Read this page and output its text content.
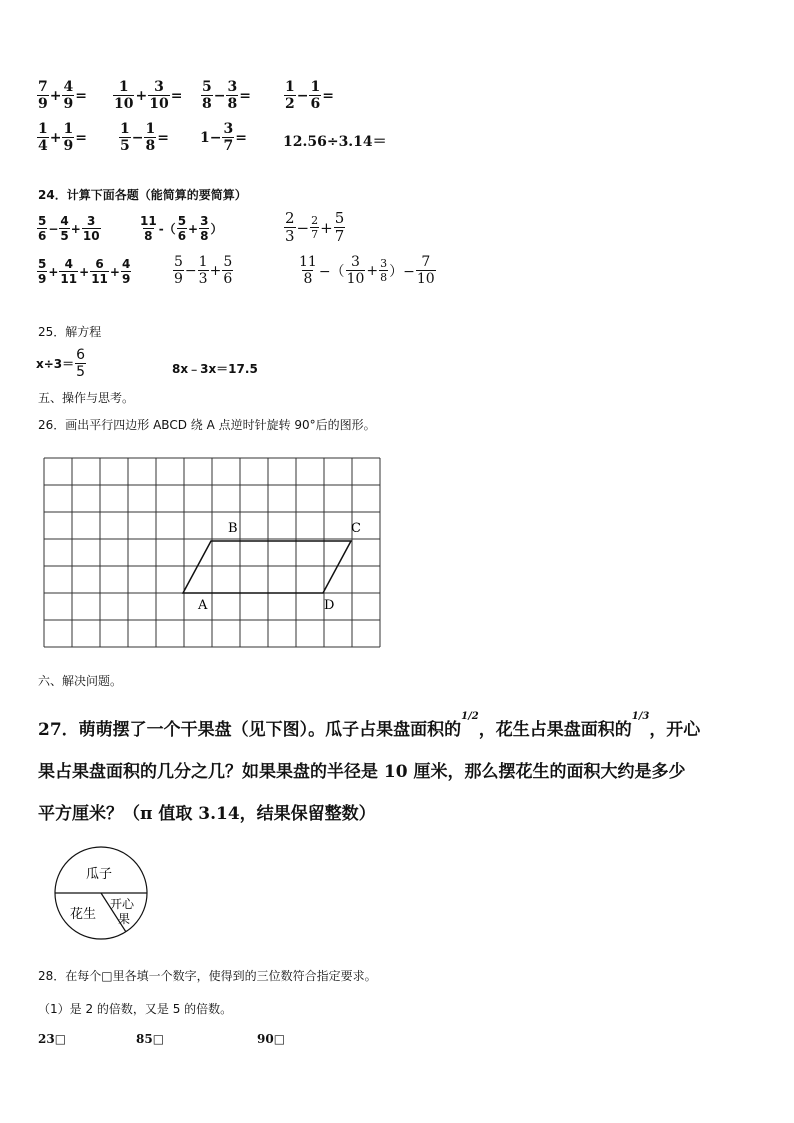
$\frac{7}{9} + \frac{4}{9} = \frac{1}{10} + \frac{3}{10} = \frac{5}{8} - \frac{3}{8} = \frac{1}{2} - \frac{1}{6}$ =
$\frac{1}{4} + \frac{1}{9} = \frac{1}{5} - \frac{1}{8} = 1- \frac{3}{7}$ =	12.56÷3.14＝
24．计算下面各题（能简算的要简算）
$\frac{5}{6} - \frac{4}{5} + \frac{3}{10}$	$\frac{11}{8}$ -（ $\frac{5}{6} + \frac{3}{8}$ ）	$\frac{2}{3} - \frac{2}{7} + \frac{5}{7}$
$\frac{5}{9} + \frac{4}{11} + \frac{6}{11} + \frac{4}{9}$	$\frac{5}{9} - \frac{1}{3} + \frac{5}{6}$	$\frac{11}{8}$ −（ $\frac{3}{10} + \frac{3}{8}$ ）− $\frac{7}{10}$
25．解方程
$x\div 3= \frac{6}{5}$	8x﹣3x＝17.5
五、操作与思考。
26．画出平行四边形 ABCD 绕 A 点逆时针旋转 90°后的图形。
B	C
A	D
六、解决问题。
27．萌萌摆了一个干果盘（见下图）。瓜子占果盘面积的$^{1/2}$，花生占果盘面积的$^{1/3}$，开心
果占果盘面积的几分之几？如果果盘的半径是 10 厘米，那么摆花生的面积大约是多少
平方厘米？（π 值取 3.14，结果保留整数）
瓜子
花生
开心
果
28．在每个□里各填一个数字，使得到的三位数符合指定要求。
（1）是 2 的倍数，又是 5 的倍数。
23□	85□	90□
